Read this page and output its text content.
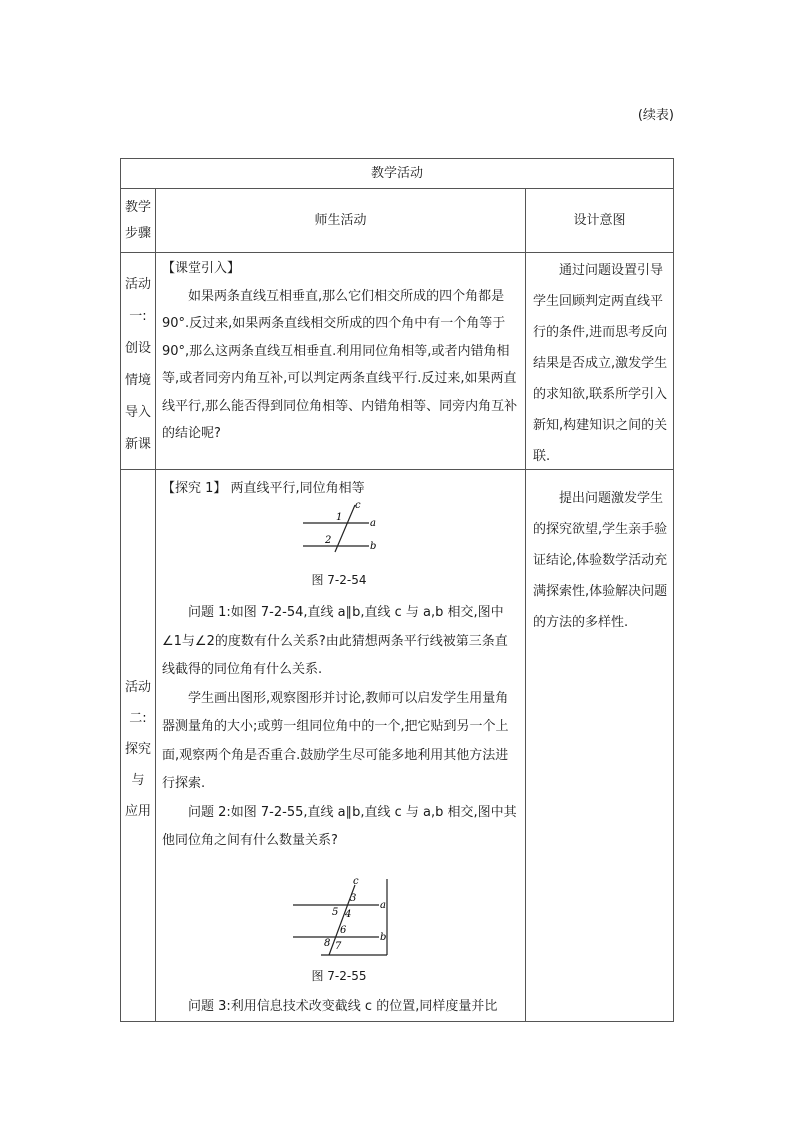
(续表)
教学活动
教学
步骤
师生活动	设计意图
活动
一:
创设
情境
导入
新课

【课堂引入】

如果两条直线互相垂直,那么它们相交所成的四个角都是 90°.反过来,如果两条直线相交所成的四个角中有一个角等于 90°,那么这两条直线互相垂直.利用同位角相等,或者内错角相等,或者同旁内角互补,可以判定两条直线平行.反过来,如果两直线平行,那么能否得到同位角相等、内错角相等、同旁内角互补的结论呢?

通过问题设置引导学生回顾判定两直线平行的条件,进而思考反向结果是否成立,激发学生的求知欲,联系所学引入新知,构建知识之间的关联.

活动
二:
探究
与
应用
【探究 1】 两直线平行,同位角相等
c
a
b
1
2
图 7-2-54

问题 1:如图 7-2-54,直线 a∥b,直线 c 与 a,b 相交,图中∠1与∠2的度数有什么关系?由此猜想两条平行线被第三条直线截得的同位角有什么关系.

学生画出图形,观察图形并讨论,教师可以启发学生用量角器测量角的大小;或剪一组同位角中的一个,把它贴到另一个上面,观察两个角是否重合.鼓励学生尽可能多地利用其他方法进行探索.

问题 2:如图 7-2-55,直线 a∥b,直线 c 与 a,b 相交,图中其他同位角之间有什么数量关系?

c
a
b
3
4
5
6
7
8
图 7-2-55

问题 3:利用信息技术改变截线 c 的位置,同样度量并比

提出问题激发学生的探究欲望,学生亲手验证结论,体验数学活动充满探索性,体验解决问题的方法的多样性.
